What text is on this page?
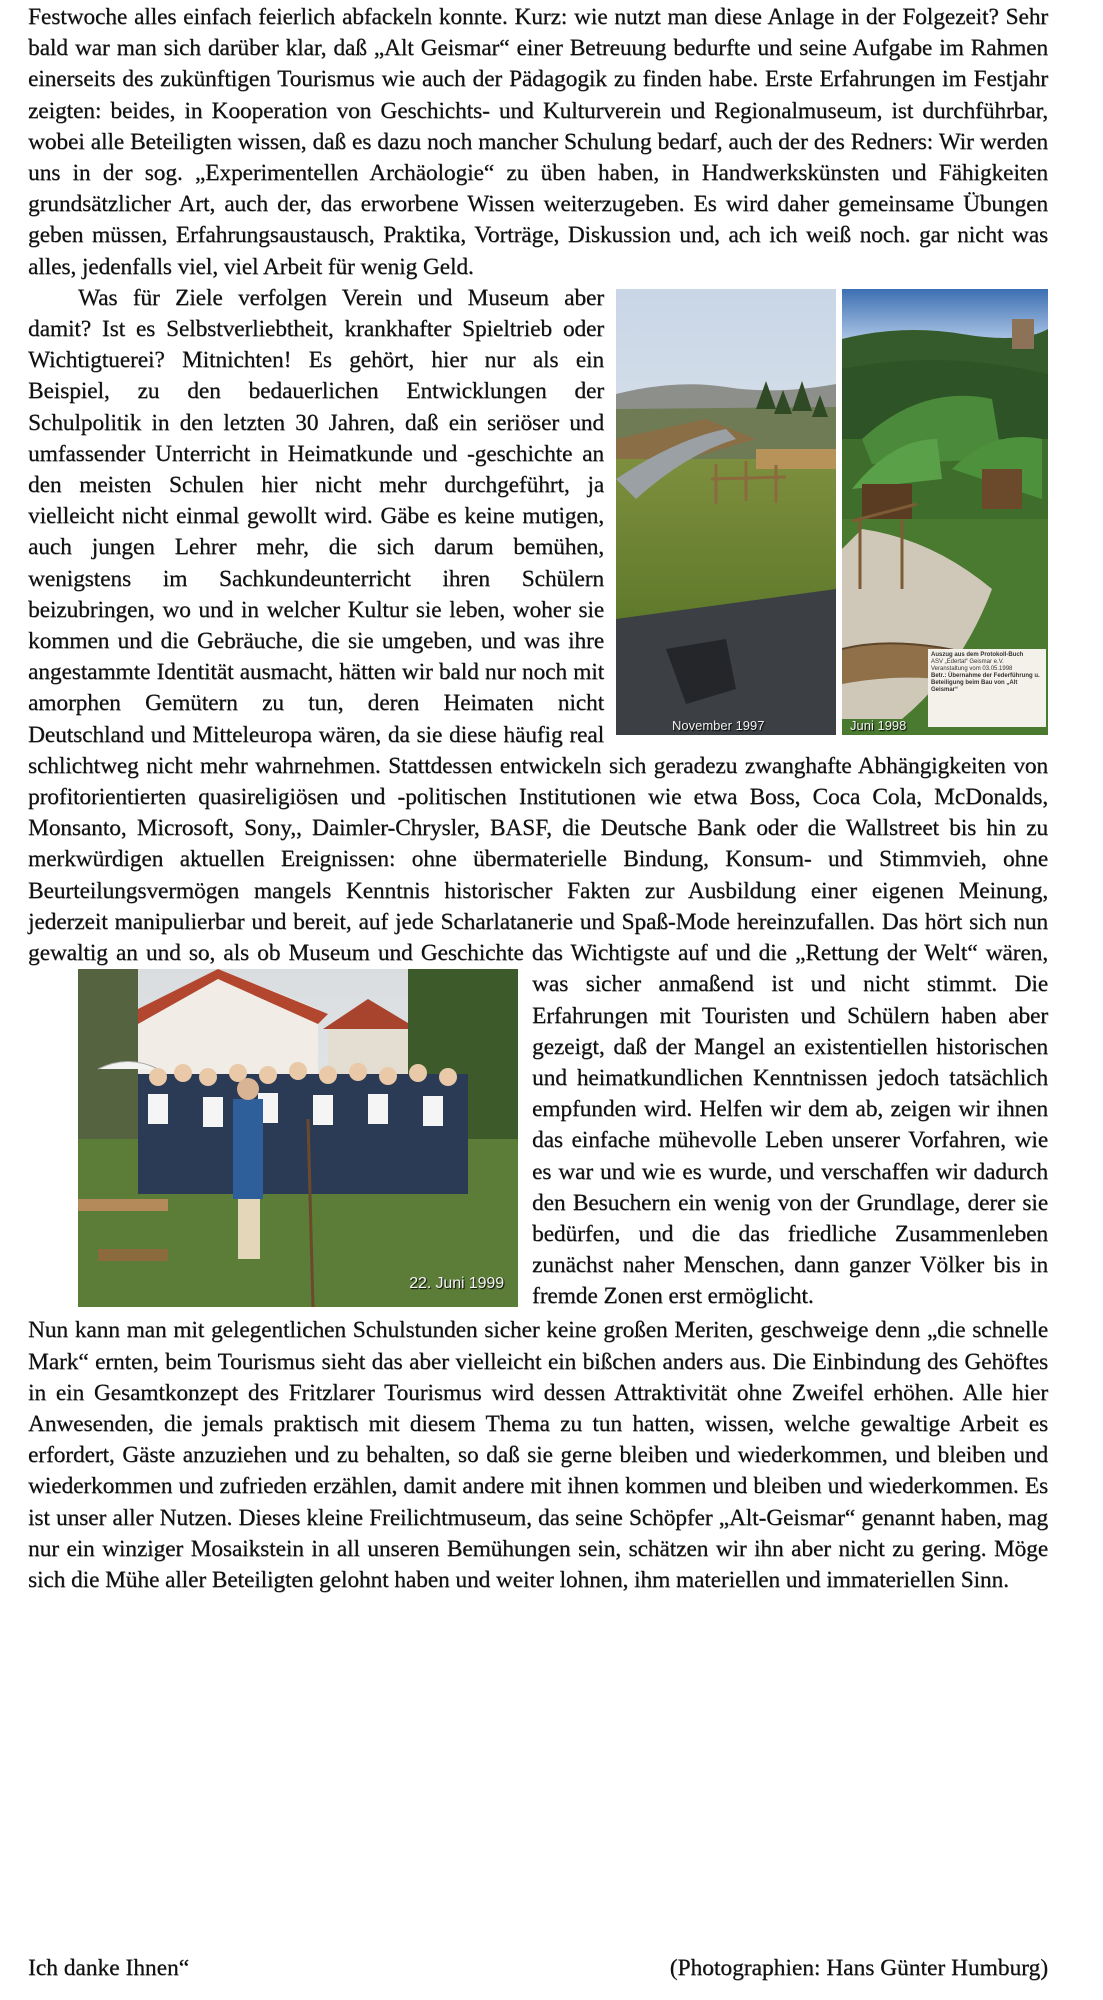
Festwoche alles einfach feierlich abfackeln konnte. Kurz: wie nutzt man diese Anlage in der Folgezeit? Sehr bald war man sich darüber klar, daß „Alt Geismar“ einer Betreuung bedurfte und seine Aufgabe im Rahmen einerseits des zukünftigen Tourismus wie auch der Pädagogik zu finden habe. Erste Erfahrungen im Festjahr zeigten: beides, in Kooperation von Geschichts- und Kulturverein und Regionalmuseum, ist durchführbar, wobei alle Beteiligten wissen, daß es dazu noch mancher Schulung bedarf, auch der des Redners: Wir werden uns in der sog. „Experimentellen Archäologie“ zu üben haben, in Handwerkskünsten und Fähigkeiten grundsätzlicher Art, auch der, das erworbene Wissen weiterzugeben. Es wird daher gemeinsame Übungen geben müssen, Erfahrungsaustausch, Praktika, Vorträge, Diskussion und, ach ich weiß noch. gar nicht was alles, jedenfalls viel, viel Arbeit für wenig Geld.

November 1997	Juni 1998
Auszug aus dem Protokoll-Buch
ASV „Edertal“ Geismar e.V.
Veranstaltung vom 03.05.1998
Betr.: Übernahme der Federführung u. Beteiligung beim Bau von „Alt Geismar“

Was für Ziele verfolgen Verein und Museum aber damit? Ist es Selbstverliebtheit, krankhafter Spieltrieb oder Wichtigtuerei? Mitnichten! Es gehört, hier nur als ein Beispiel, zu den bedauerlichen Entwicklungen der Schulpolitik in den letzten 30 Jahren, daß ein seriöser und umfassender Unterricht in Heimatkunde und -geschichte an den meisten Schulen hier nicht mehr durchgeführt, ja vielleicht nicht einmal gewollt wird. Gäbe es keine mutigen, auch jungen Lehrer mehr, die sich darum bemühen, wenigstens im Sachkundeunterricht ihren Schülern beizubringen, wo und in welcher Kultur sie leben, woher sie kommen und die Gebräuche, die sie umgeben, und was ihre angestammte Identität ausmacht, hätten wir bald nur noch mit amorphen Gemütern zu tun, deren Heimaten nicht Deutschland und Mitteleuropa wären, da sie diese häufig real schlichtweg nicht mehr wahrnehmen. Stattdessen entwickeln sich geradezu zwanghafte Abhängigkeiten von profitorientierten quasireligiösen und -politischen Institutionen wie etwa Boss, Coca Cola, McDonalds, Monsanto, Microsoft, Sony,, Daimler-Chrysler, BASF, die Deutsche Bank oder die Wallstreet bis hin zu merkwürdigen aktuellen Ereignissen: ohne übermaterielle Bindung, Konsum- und Stimmvieh, ohne Beurteilungsvermögen mangels Kenntnis historischer Fakten zur Ausbildung einer eigenen Meinung, jederzeit manipulierbar und bereit, auf jede Scharlatanerie und Spaß-Mode hereinzufallen. Das hört sich nun gewaltig an und so, als ob Museum und Geschichte das Wichtigste auf und die „Rettung der Welt“ wären, was sicher anmaßend ist un
22. Juni 1999
d nicht stimmt. Die Erfahrungen mit Touristen und Schülern haben aber gezeigt, daß der Mangel an existentiellen historischen und heimatkundlichen Kenntnissen jedoch tatsächlich empfunden wird. Helfen wir dem ab, zeigen wir ihnen das einfache mühevolle Leben unserer Vorfahren, wie es war und wie es wurde, und verschaffen wir dadurch den Besuchern ein wenig von der Grundlage, derer sie bedürfen, und die das friedliche Zusammenleben zunächst naher Menschen, dann ganzer Völker bis in fremde Zonen erst ermöglicht.

Nun kann man mit gelegentlichen Schulstunden sicher keine großen Meriten, geschweige denn „die schnelle Mark“ ernten, beim Tourismus sieht das aber vielleicht ein bißchen anders aus. Die Einbindung des Gehöftes in ein Gesamtkonzept des Fritzlarer Tourismus wird dessen Attraktivität ohne Zweifel erhöhen. Alle hier Anwesenden, die jemals praktisch mit diesem Thema zu tun hatten, wissen, welche gewaltige Arbeit es erfordert, Gäste anzuziehen und zu behalten, so daß sie gerne bleiben und wiederkommen, und bleiben und wiederkommen und zufrieden erzählen, damit andere mit ihnen kommen und bleiben und wiederkommen. Es ist unser aller Nutzen. Dieses kleine Freilichtmuseum, das seine Schöpfer „Alt-Geismar“ genannt haben, mag nur ein winziger Mosaikstein in all unseren Bemühungen sein, schätzen wir ihn aber nicht zu gering. Möge sich die Mühe aller Beteiligten gelohnt haben und weiter lohnen, ihm materiellen und immateriellen Sinn.

Ich danke Ihnen“	(Photographien: Hans Günter Humburg)
